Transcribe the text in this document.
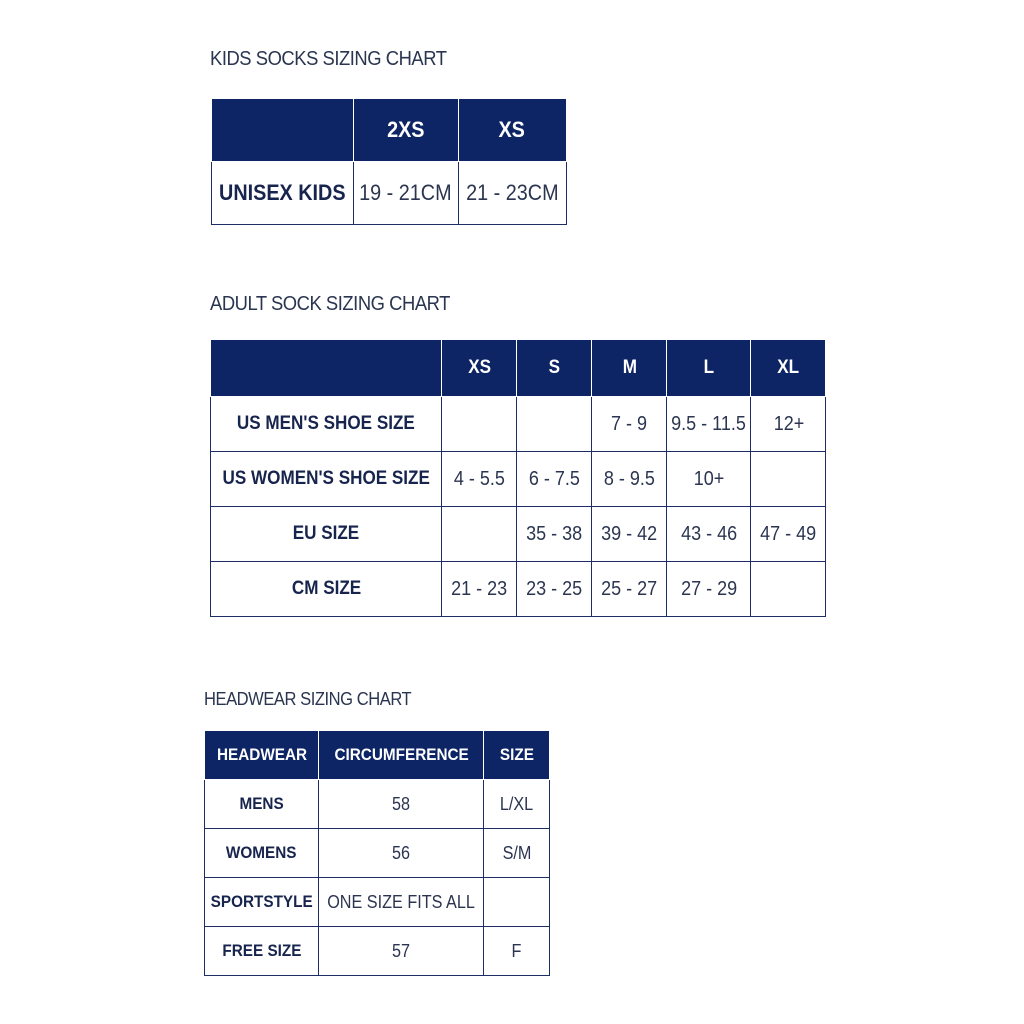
KIDS SOCKS SIZING CHART
	2XS	XS
UNISEX KIDS	19 - 21CM	21 - 23CM
ADULT SOCK SIZING CHART
	XS	S	M	L	XL
US MEN'S SHOE SIZE			7 - 9	9.5 - 11.5	12+
US WOMEN'S SHOE SIZE	4 - 5.5	6 - 7.5	8 - 9.5	10+	
EU SIZE		35 - 38	39 - 42	43 - 46	47 - 49
CM SIZE	21 - 23	23 - 25	25 - 27	27 - 29	
HEADWEAR SIZING CHART
HEADWEAR	CIRCUMFERENCE	SIZE
MENS	58	L/XL
WOMENS	56	S/M
SPORTSTYLE	ONE SIZE FITS ALL	
FREE SIZE	57	F
